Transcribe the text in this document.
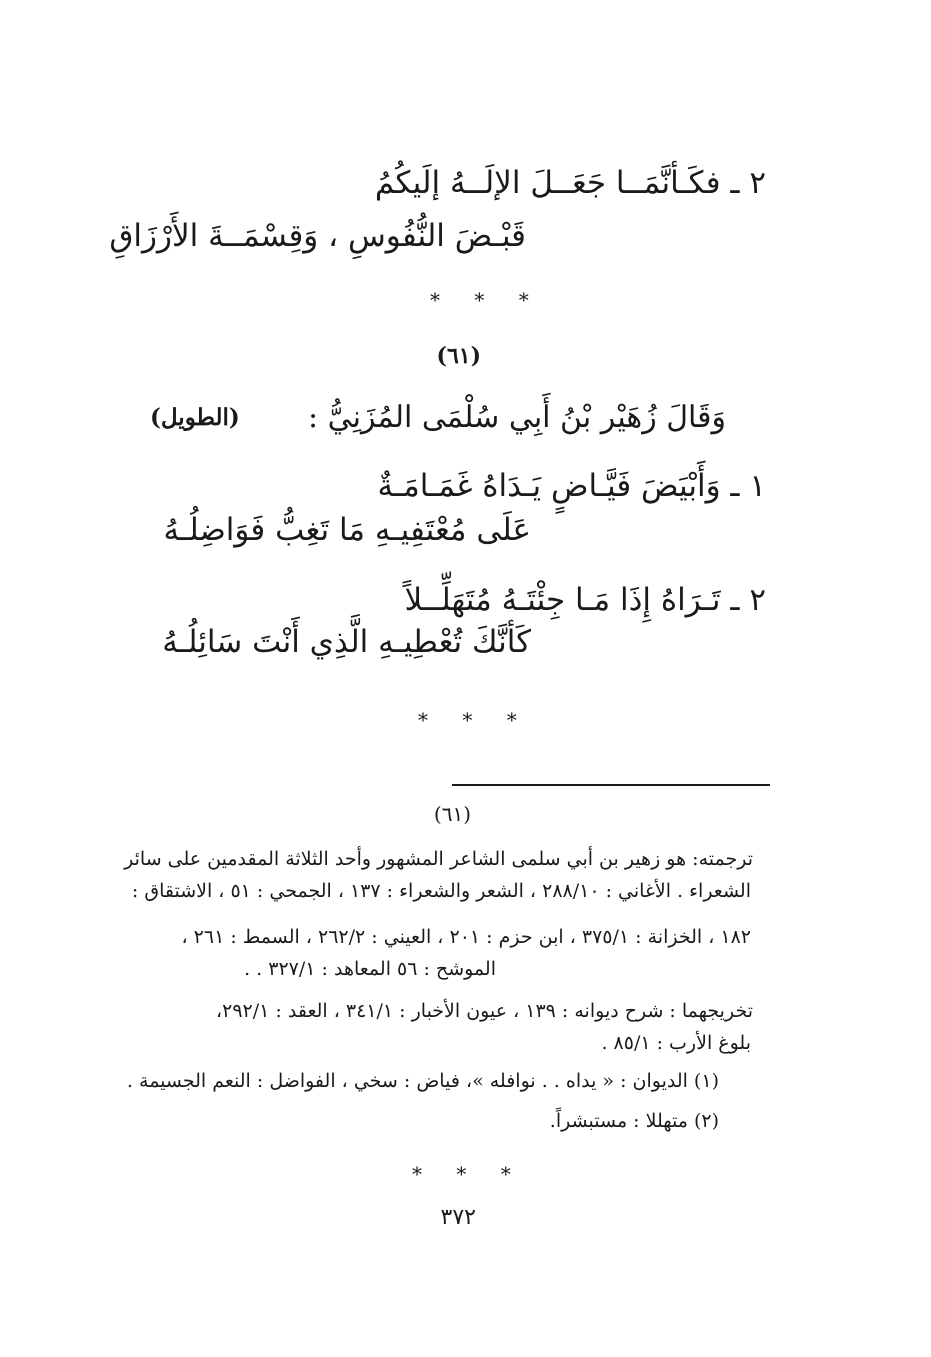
٢ ـ فكَـأنَّمَــا جَعَــلَ الإلَــهُ إلَيكُمُ
قَبْـضَ النُّفُوسِ ، وَقِسْمَــةَ الأَرْزَاقِ
* * *
(٦١)
وَقَالَ زُهَيْر بْنُ أَبِي سُلْمَى المُزَنِيُّ :
(الطويل)
١ ـ وَأَبْيَضَ فَيَّـاضٍ يَـدَاهُ غَمَـامَـةٌ
عَلَى مُعْتَفِيـهِ مَا تَغِبُّ فَوَاضِلُـهُ
٢ ـ تَـرَاهُ إِذَا مَـا جِئْتَـهُ مُتَهَلِّــلاً
كَأنَّكَ تُعْطِيـهِ الَّذِي أَنْتَ سَائِلُـهُ
* * *
(٦١)
ترجمته: هو زهير بن أبي سلمى الشاعر المشهور وأحد الثلاثة المقدمين على سائر
الشعراء . الأغاني : ٢٨٨/١٠ ، الشعر والشعراء : ١٣٧ ، الجمحي : ٥١ ، الاشتقاق :
١٨٢ ، الخزانة : ٣٧٥/١ ، ابن حزم : ٢٠١ ، العيني : ٢٦٢/٢ ، السمط : ٢٦١ ،
الموشح : ٥٦ المعاهد : ٣٢٧/١ . .
تخريجهما : شرح ديوانه : ١٣٩ ، عيون الأخبار : ٣٤١/١ ، العقد : ٢٩٢/١،
بلوغ الأرب : ٨٥/١ .
(١) الديوان : « يداه . . نوافله »، فياض : سخي ، الفواضل : النعم الجسيمة .
(٢) متهللا : مستبشراً.
* * *
٣٧٢
